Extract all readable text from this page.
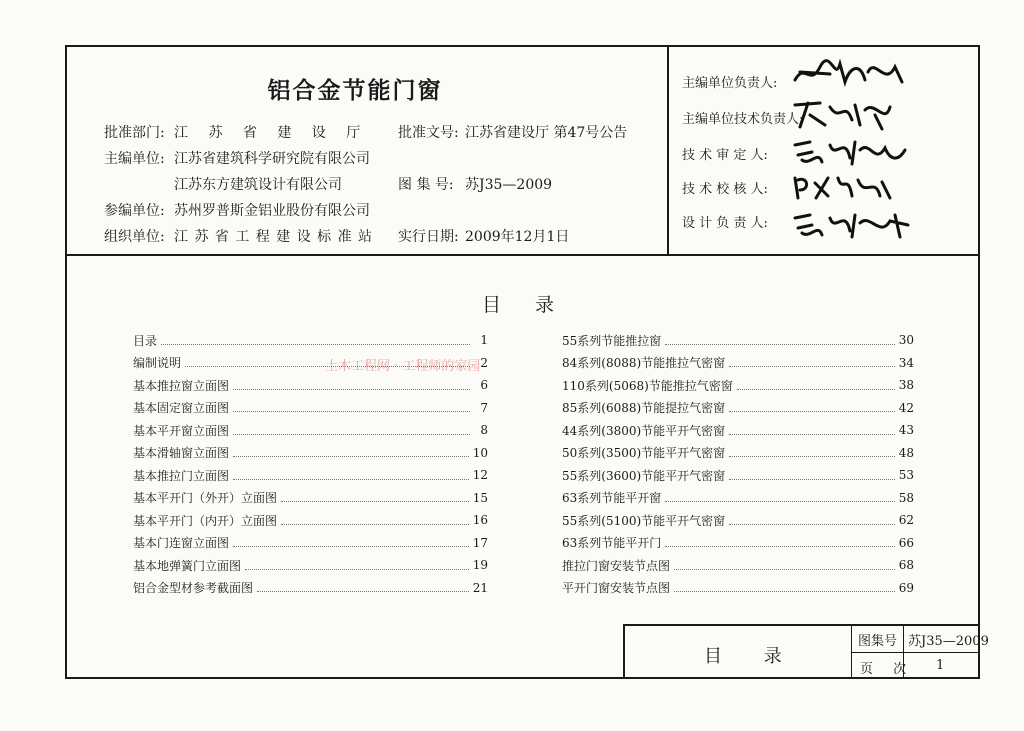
铝合金节能门窗
批准部门: 江 苏 省 建 设 厅 批准文号: 江苏省建设厅 第47号公告
主编单位: 江苏省建筑科学研究院有限公司
江苏东方建筑设计有限公司	图 集 号: 苏J35—2009
参编单位: 苏州罗普斯金铝业股份有限公司
组织单位: 江 苏 省 工 程 建 设 标 准 站 实行日期: 2009年12月1日
主编单位负责人:
主编单位技术负责人:
技 术 审 定 人:
技 术 校 核 人:
设 计 负 责 人:
目 录
目录	1
编制说明	2
基本推拉窗立面图	6
基本固定窗立面图	7
基本平开窗立面图	8
基本滑轴窗立面图	10
基本推拉门立面图	12
基本平开门（外开）立面图	15
基本平开门（内开）立面图	16
基本门连窗立面图	17
基本地弹簧门立面图	19
铝合金型材参考截面图	21
55系列节能推拉窗	30
84系列(8088)节能推拉气密窗	34
110系列(5068)节能推拉气密窗	38
85系列(6088)节能提拉气密窗	42
44系列(3800)节能平开气密窗	43
50系列(3500)节能平开气密窗	48
55系列(3600)节能平开气密窗	53
63系列节能平开窗	58
55系列(5100)节能平开气密窗	62
63系列节能平开门	66
推拉门窗安装节点图	68
平开门窗安装节点图	69
土木工程网 · 工程师的家园
目 录
图集号 苏J35—2009
页 次 1
